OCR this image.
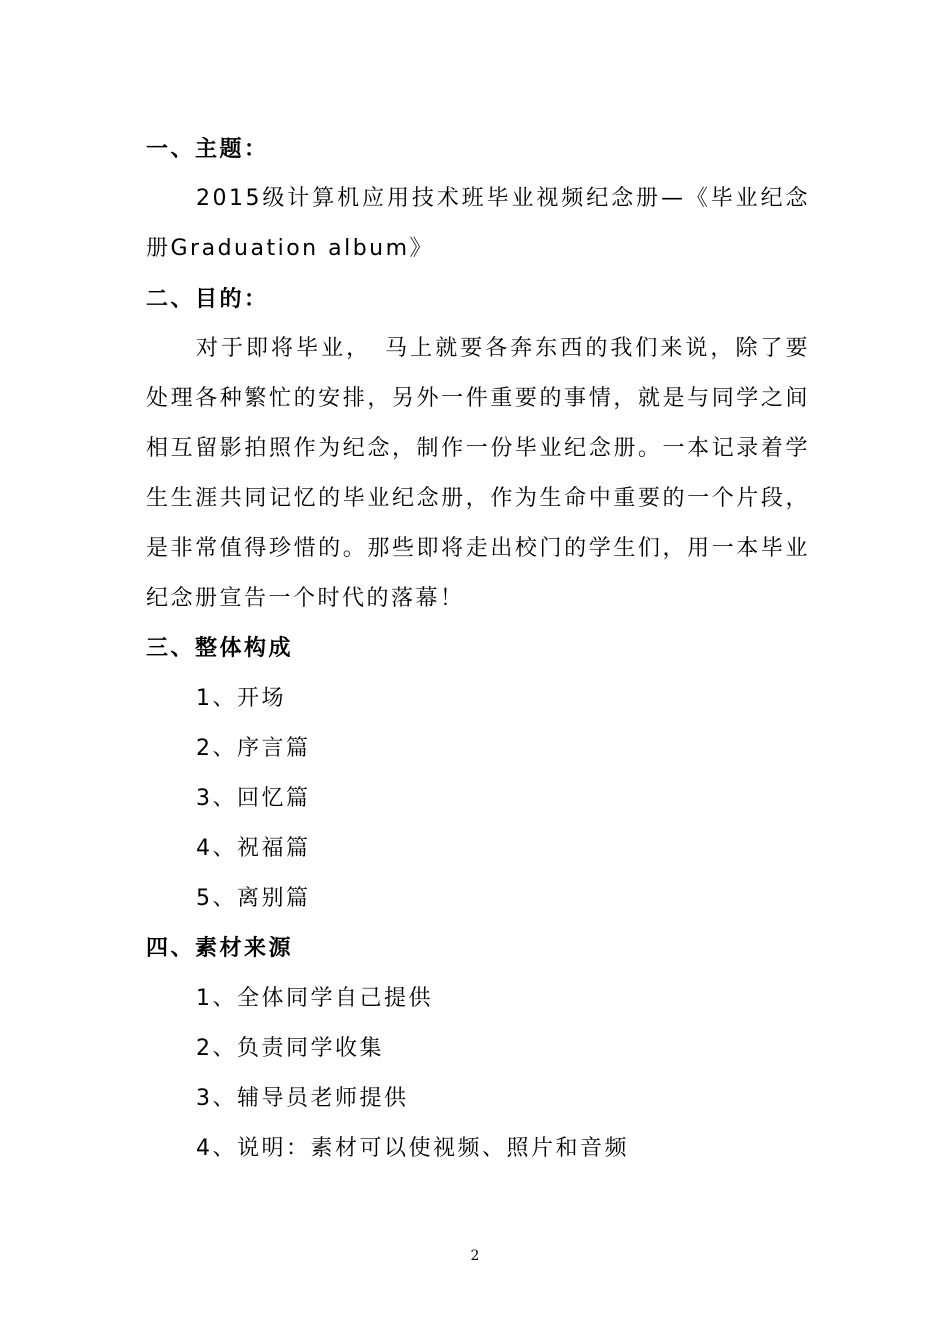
一、主题：
2015级计算机应用技术班毕业视频纪念册—《毕业纪念册Graduation album》
二、目的：
对于即将毕业，　马上就要各奔东西的我们来说，除了要处理各种繁忙的安排，另外一件重要的事情，就是与同学之间相互留影拍照作为纪念，制作一份毕业纪念册。一本记录着学生生涯共同记忆的毕业纪念册，作为生命中重要的一个片段，是非常值得珍惜的。那些即将走出校门的学生们，用一本毕业纪念册宣告一个时代的落幕！
三、整体构成
1、开场
2、序言篇
3、回忆篇
4、祝福篇
5、离别篇
四、素材来源
1、全体同学自己提供
2、负责同学收集
3、辅导员老师提供
4、说明：素材可以使视频、照片和音频
2
